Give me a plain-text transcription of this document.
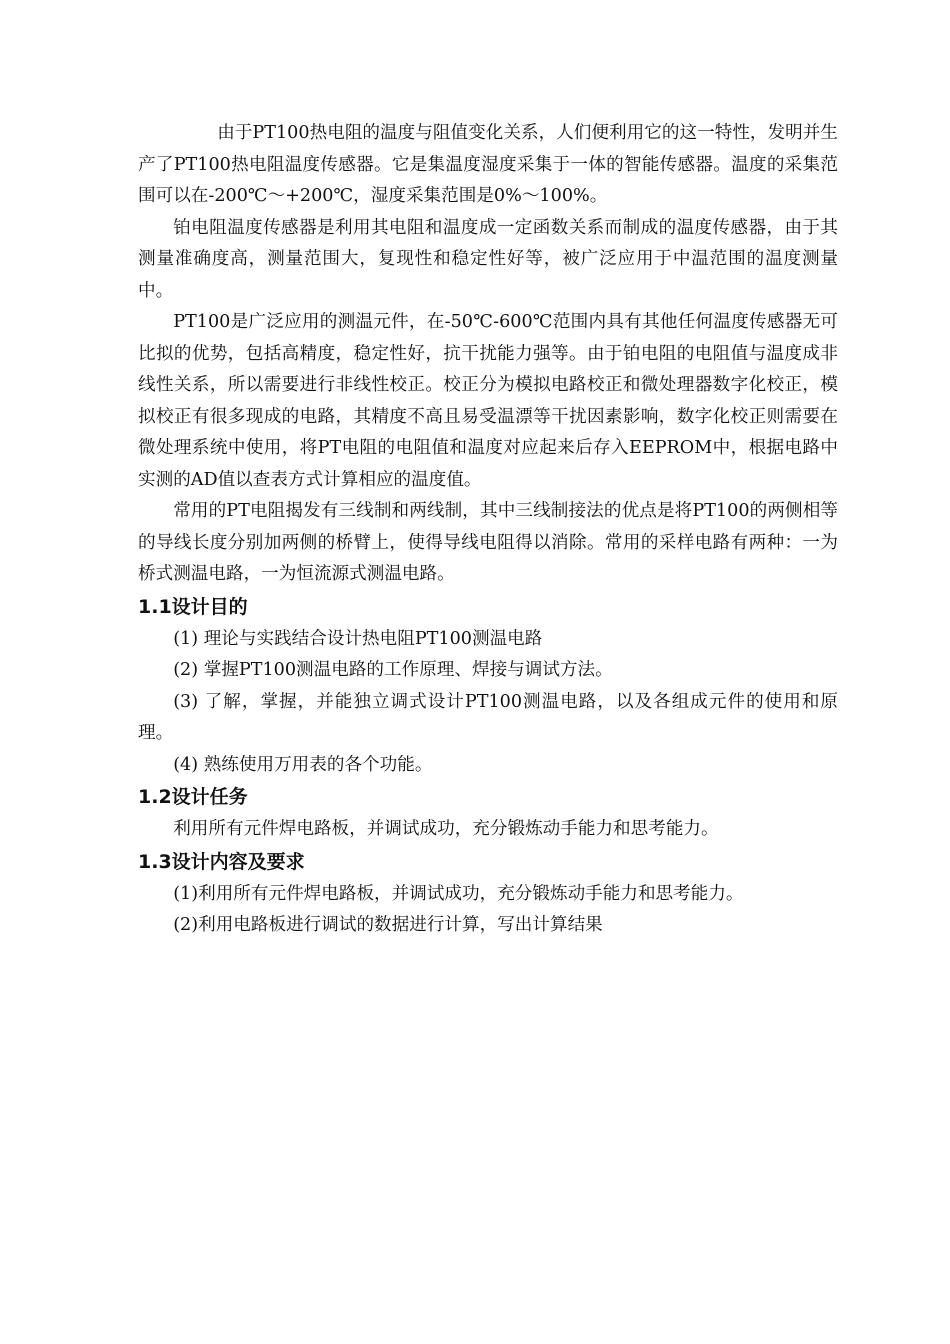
由于PT100热电阻的温度与阻值变化关系，人们便利用它的这一特性，发明并生产了PT100热电阻温度传感器。它是集温度湿度采集于一体的智能传感器。温度的采集范围可以在-200℃～+200℃，湿度采集范围是0%～100%。

铂电阻温度传感器是利用其电阻和温度成一定函数关系而制成的温度传感器，由于其测量准确度高，测量范围大，复现性和稳定性好等，被广泛应用于中温范围的温度测量中。

PT100是广泛应用的测温元件，在-50℃-600℃范围内具有其他任何温度传感器无可比拟的优势，包括高精度，稳定性好，抗干扰能力强等。由于铂电阻的电阻值与温度成非线性关系，所以需要进行非线性校正。校正分为模拟电路校正和微处理器数字化校正，模拟校正有很多现成的电路，其精度不高且易受温漂等干扰因素影响，数字化校正则需要在微处理系统中使用，将PT电阻的电阻值和温度对应起来后存入EEPROM中，根据电路中实测的AD值以查表方式计算相应的温度值。

常用的PT电阻揭发有三线制和两线制，其中三线制接法的优点是将PT100的两侧相等的导线长度分别加两侧的桥臂上，使得导线电阻得以消除。常用的采样电路有两种：一为桥式测温电路，一为恒流源式测温电路。

1.1设计目的

(1) 理论与实践结合设计热电阻PT100测温电路

(2) 掌握PT100测温电路的工作原理、焊接与调试方法。

(3) 了解，掌握，并能独立调式设计PT100测温电路，以及各组成元件的使用和原理。

(4) 熟练使用万用表的各个功能。

1.2设计任务

利用所有元件焊电路板，并调试成功，充分锻炼动手能力和思考能力。

1.3设计内容及要求

(1)利用所有元件焊电路板，并调试成功，充分锻炼动手能力和思考能力。

(2)利用电路板进行调试的数据进行计算，写出计算结果
